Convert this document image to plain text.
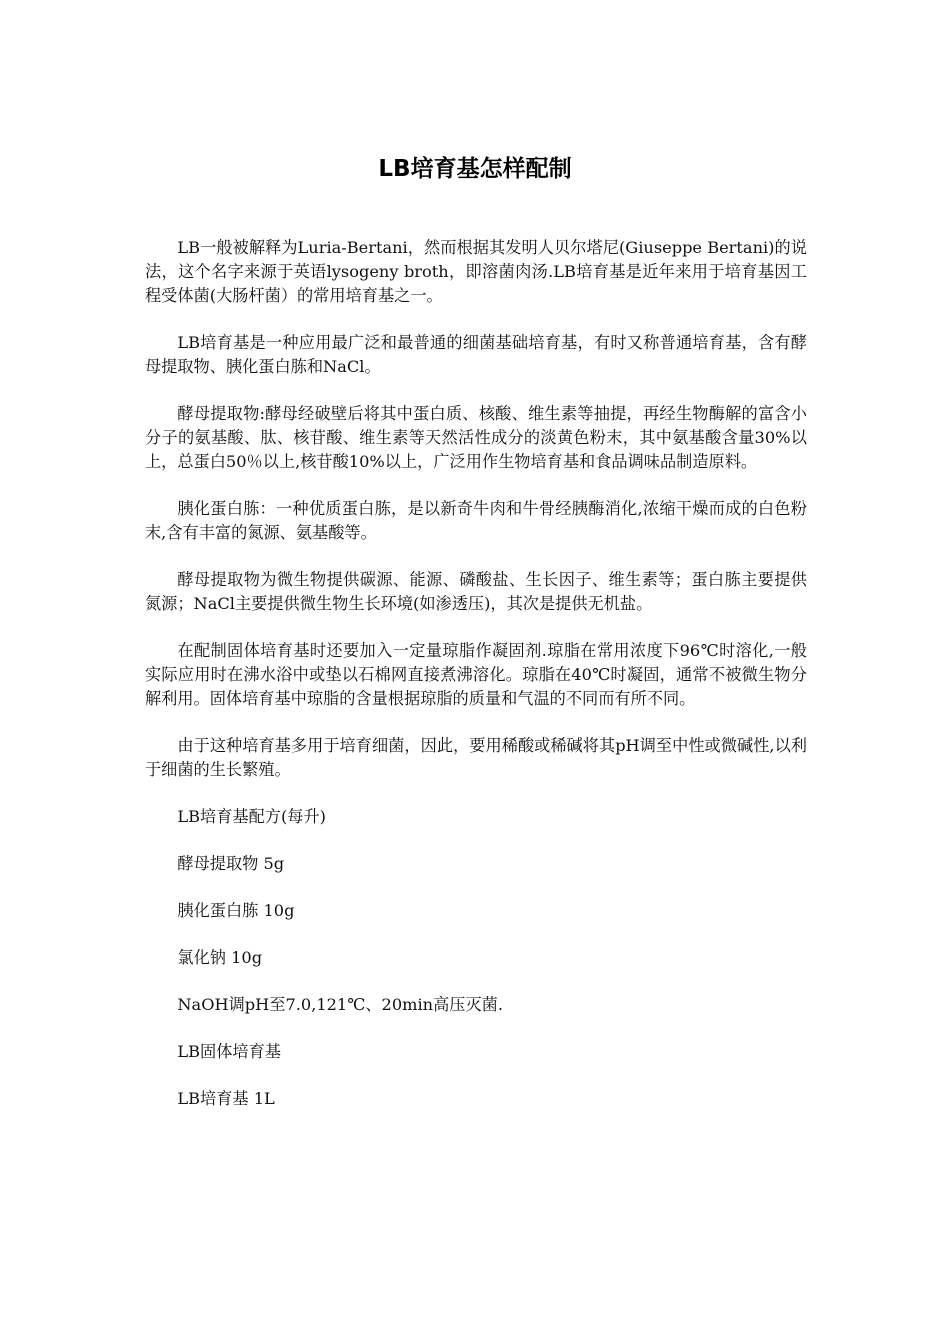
LB培育基怎样配制

LB一般被解释为Luria-Bertani，然而根据其发明人贝尔塔尼(Giuseppe Bertani)的说法，这个名字来源于英语lysogeny broth，即溶菌肉汤.LB培育基是近年来用于培育基因工程受体菌(大肠杆菌）的常用培育基之一。

LB培育基是一种应用最广泛和最普通的细菌基础培育基，有时又称普通培育基，含有酵母提取物、胰化蛋白胨和NaCl。

酵母提取物:酵母经破壁后将其中蛋白质、核酸、维生素等抽提，再经生物酶解的富含小分子的氨基酸、肽、核苷酸、维生素等天然活性成分的淡黄色粉末，其中氨基酸含量30%以上，总蛋白50％以上,核苷酸10%以上，广泛用作生物培育基和食品调味品制造原料。

胰化蛋白胨：一种优质蛋白胨，是以新奇牛肉和牛骨经胰酶消化,浓缩干燥而成的白色粉末,含有丰富的氮源、氨基酸等。

酵母提取物为微生物提供碳源、能源、磷酸盐、生长因子、维生素等；蛋白胨主要提供氮源；NaCl主要提供微生物生长环境(如渗透压)，其次是提供无机盐。

在配制固体培育基时还要加入一定量琼脂作凝固剂.琼脂在常用浓度下96℃时溶化,一般实际应用时在沸水浴中或垫以石棉网直接煮沸溶化。琼脂在40℃时凝固，通常不被微生物分解利用。固体培育基中琼脂的含量根据琼脂的质量和气温的不同而有所不同。

由于这种培育基多用于培育细菌，因此，要用稀酸或稀碱将其pH调至中性或微碱性,以利于细菌的生长繁殖。

LB培育基配方(每升)

酵母提取物 5g

胰化蛋白胨 10g

氯化钠 10g

NaOH调pH至7.0,121℃、20min高压灭菌.

LB固体培育基

LB培育基 1L
